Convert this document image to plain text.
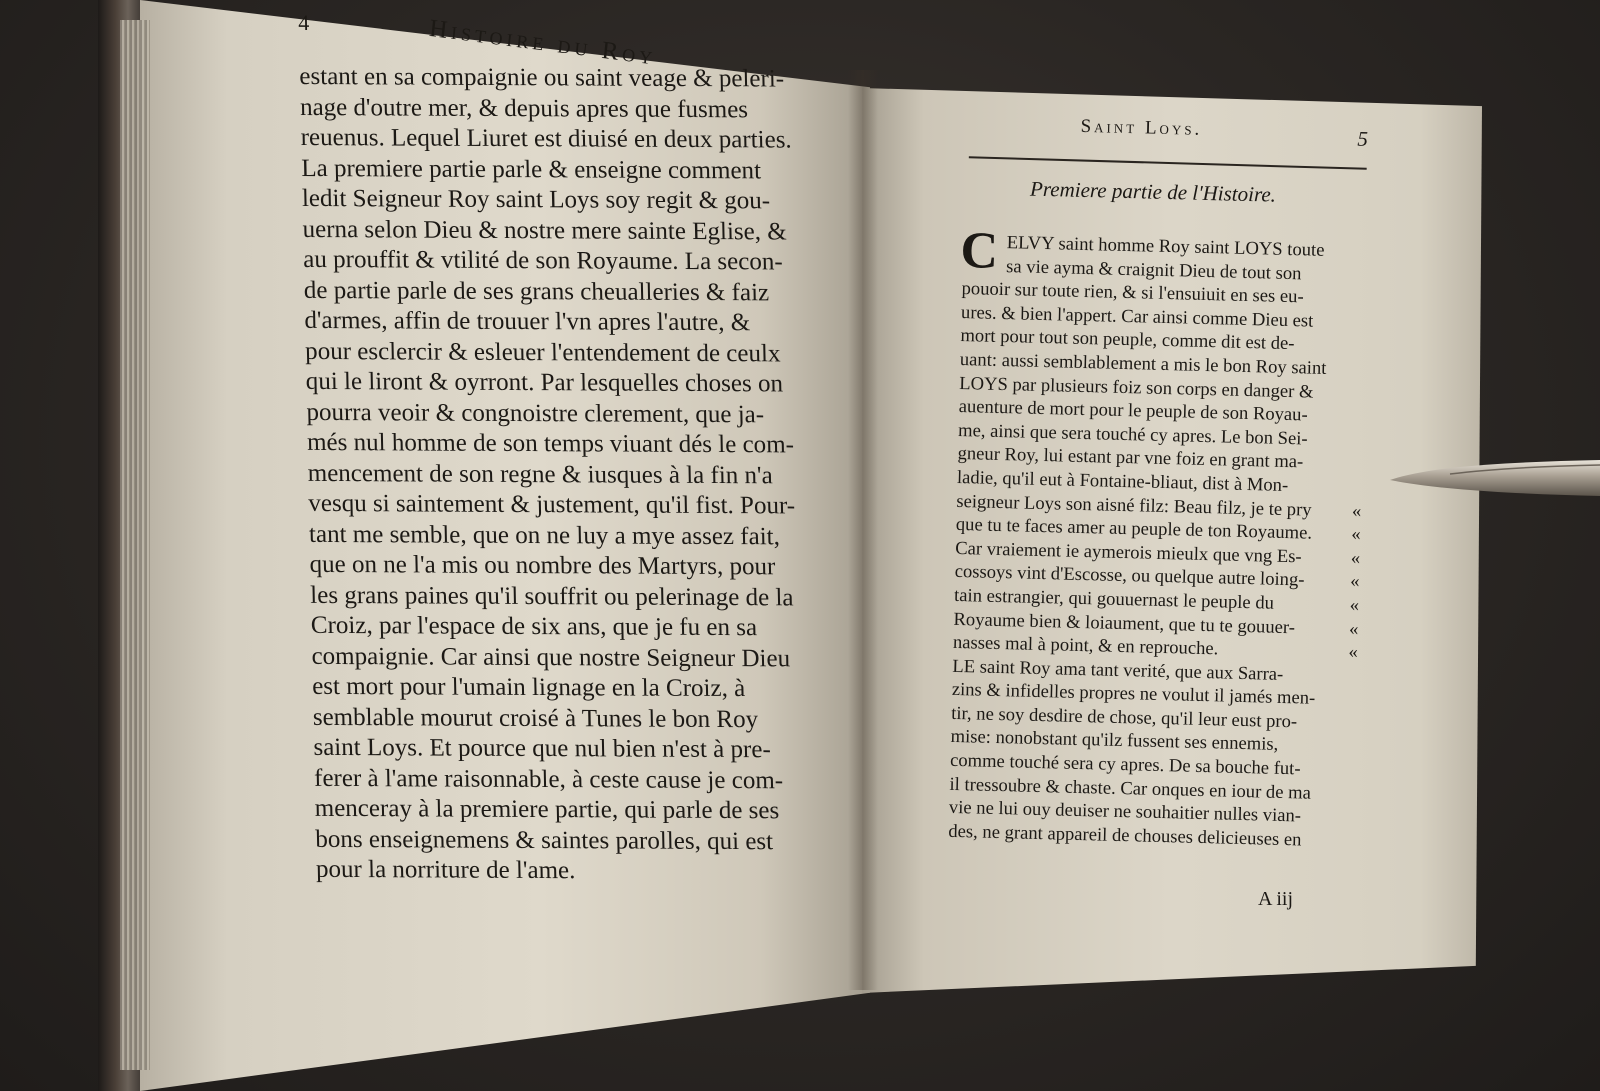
4	Histoire du Roy
estant en sa compaignie ou saint veage & peleri-
nage d'outre mer, & depuis apres que fusmes
reuenus. Lequel Liuret est diuisé en deux parties.
La premiere partie parle & enseigne comment
ledit Seigneur Roy saint Loys soy regit & gou-
uerna selon Dieu & nostre mere sainte Eglise, &
au prouffit & vtilité de son Royaume. La secon-
de partie parle de ses grans cheualleries & faiz
d'armes, affin de trouuer l'vn apres l'autre, &
pour esclercir & esleuer l'entendement de ceulx
qui le liront & oyrront. Par lesquelles choses on
pourra veoir & congnoistre clerement, que ja-
més nul homme de son temps viuant dés le com-
mencement de son regne & iusques à la fin n'a
vesqu si saintement & justement, qu'il fist. Pour-
tant me semble, que on ne luy a mye assez fait,
que on ne l'a mis ou nombre des Martyrs, pour
les grans paines qu'il souffrit ou pelerinage de la
Croiz, par l'espace de six ans, que je fu en sa
compaignie. Car ainsi que nostre Seigneur Dieu
est mort pour l'umain lignage en la Croiz, à
semblable mourut croisé à Tunes le bon Roy
saint Loys. Et pource que nul bien n'est à pre-
ferer à l'ame raisonnable, à ceste cause je com-
menceray à la premiere partie, qui parle de ses
bons enseignemens & saintes parolles, qui est
pour la norriture de l'ame.
Saint Loys.	5
Premiere partie de l'Histoire.
C ELVY saint homme Roy saint LOYS toute
sa vie ayma & craignit Dieu de tout son
pouoir sur toute rien, & si l'ensuiuit en ses eu-
ures. & bien l'appert. Car ainsi comme Dieu est
mort pour tout son peuple, comme dit est de-
uant: aussi semblablement a mis le bon Roy saint
LOYS par plusieurs foiz son corps en danger &
auenture de mort pour le peuple de son Royau-
me, ainsi que sera touché cy apres. Le bon Sei-
gneur Roy, lui estant par vne foiz en grant ma-
ladie, qu'il eut à Fontaine-bliaut, dist à Mon-
seigneur Loys son aisné filz: Beau filz, je te pry	«
que tu te faces amer au peuple de ton Royaume.	«
Car vraiement ie aymerois mieulx que vng Es-	«
cossoys vint d'Escosse, ou quelque autre loing-	«
tain estrangier, qui gouuernast le peuple du	«
Royaume bien & loiaument, que tu te gouuer-	«
nasses mal à point, & en reprouche.	«
LE saint Roy ama tant verité, que aux Sarra-
zins & infidelles propres ne voulut il jamés men-
tir, ne soy desdire de chose, qu'il leur eust pro-
mise: nonobstant qu'ilz fussent ses ennemis,
comme touché sera cy apres. De sa bouche fut-
il tressoubre & chaste. Car onques en iour de ma
vie ne lui ouy deuiser ne souhaitier nulles vian-
des, ne grant appareil de chouses delicieuses en
A iij
